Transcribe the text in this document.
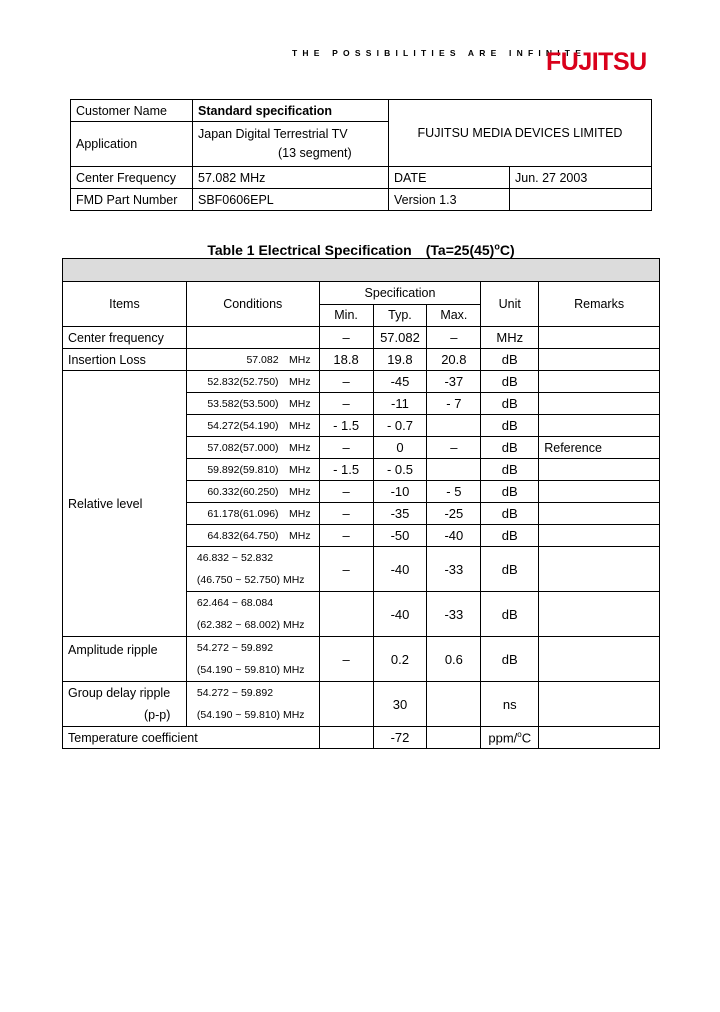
THE POSSIBILITIES ARE INFINITE
FUJITSU
Customer Name	Standard specification	FUJITSU MEDIA DEVICES LIMITED	
Application	Japan Digital Terrestrial TV

(13 segment)		

Center Frequency	57.082 MHz	DATE	Jun. 27 2003
FMD Part Number	SBF0606EPL	Version 1.3	
Table 1 Electrical Specification　$(Ta=25(45)^oC)$

Items	Conditions	Specification			Unit	Remarks
		Min.	Typ.	Max.		
Center frequency		–	57.082	–	MHz	
Insertion Loss	57.082　MHz	18.8	19.8	20.8	dB	
Relative level	52.832(52.750)　MHz	–	-45	-37	dB	
	53.582(53.500)　MHz	–	-11	- 7	dB	
	54.272(54.190)　MHz	- 1.5	- 0.7		dB	
	57.082(57.000)　MHz	–	0	–	dB	Reference
	59.892(59.810)　MHz	- 1.5	- 0.5		dB	
	60.332(60.250)　MHz	–	-10	- 5	dB	
	61.178(61.096)　MHz	–	-35	-25	dB	
	64.832(64.750)　MHz	–	-50	-40	dB	
	46.832 ~ 52.832
(46.750 ~ 52.750) MHz	–	-40	-33	dB	
	62.464 ~ 68.084
(62.382 ~ 68.002) MHz		-40	-33	dB	
Amplitude ripple	54.272 ~ 59.892
(54.190 ~ 59.810) MHz	–	0.2	0.6	dB	
Group delay ripple
(p-p)	54.272 ~ 59.892
(54.190 ~ 59.810) MHz		30		ns	
Temperature coefficient			-72		ppm/$^o$C	
